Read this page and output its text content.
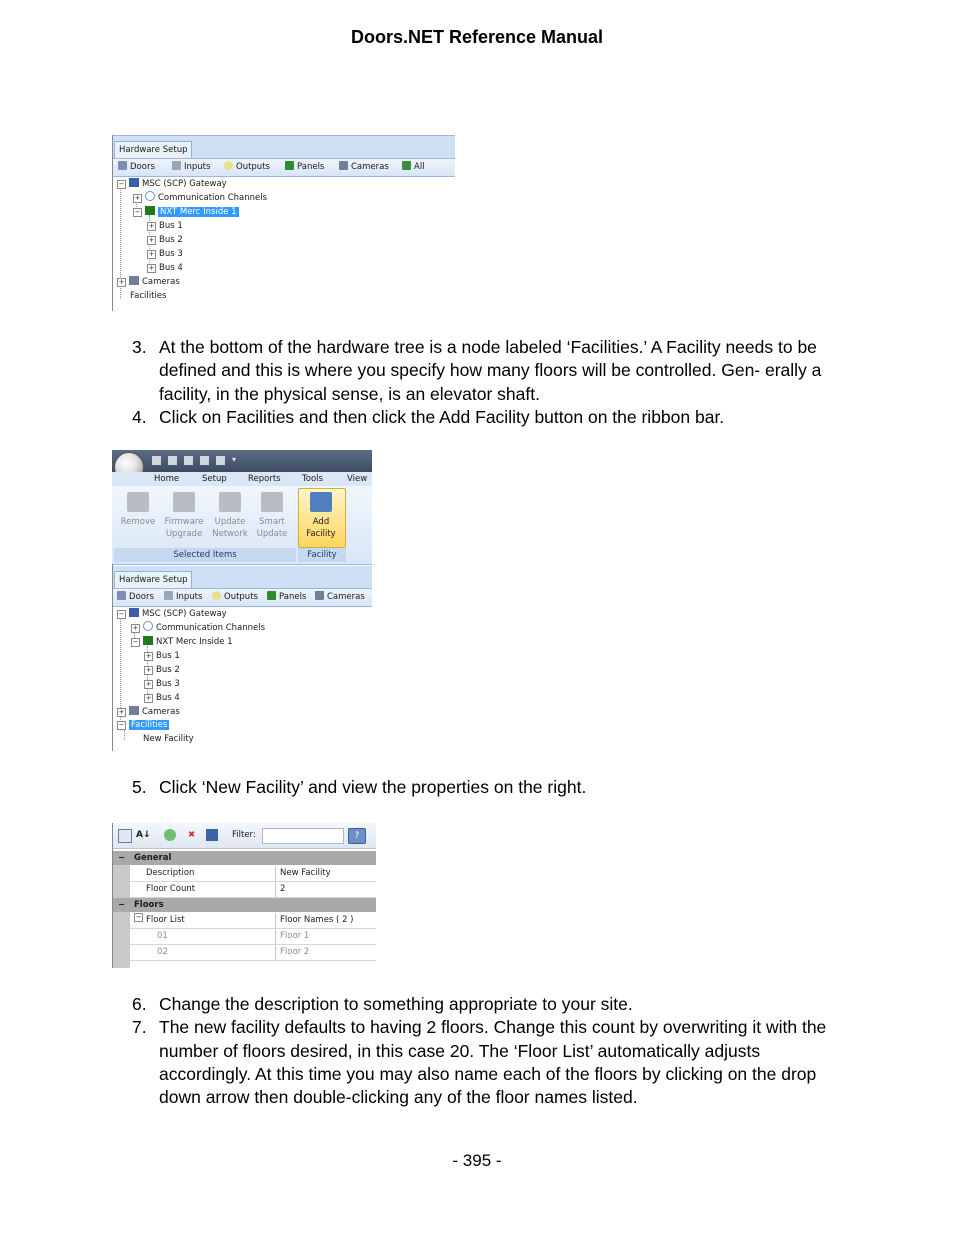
Doors.NET Reference Manual
Hardware Setup
Doors	Inputs	Outputs	Panels	Cameras	All
− MSC (SCP) Gateway
+ Communication Channels
− NXT Merc Inside 1
+ Bus 1
+ Bus 2
+ Bus 3
+ Bus 4
+ Cameras
Facilities
3. At the bottom of the hardware tree is a node labeled ‘Facilities.’ A Facility needs to be defined and this is where you specify how many floors will be controlled. Gen- erally a facility, in the physical sense, is an elevator shaft.
4. Click on Facilities and then click the Add Facility button on the ribbon bar.
▾
Home	Setup	Reports	Tools	View
Remove	Firmware
Upgrade
Update
Network
Smart
Update
Add
Facility
Selected Items	Facility
Hardware Setup
Doors	Inputs	Outputs	Panels	Cameras
− MSC (SCP) Gateway
+ Communication Channels
− NXT Merc Inside 1
+ Bus 1
+ Bus 2
+ Bus 3
+ Bus 4
+ Cameras
− Facilities
New Facility
5. Click ‘New Facility’ and view the properties on the right.
A↓	✖	Filter:	?
− General
Description	New Facility
Floor Count	2
− Floors
− Floor List	Floor Names ( 2 )
01	Floor 1
02	Floor 2
6. Change the description to something appropriate to your site.
7. The new facility defaults to having 2 floors. Change this count by overwriting it with the number of floors desired, in this case 20. The ‘Floor List’ automatically adjusts accordingly. At this time you may also name each of the floors by clicking on the drop down arrow then double-clicking any of the floor names listed.
- 395 -
